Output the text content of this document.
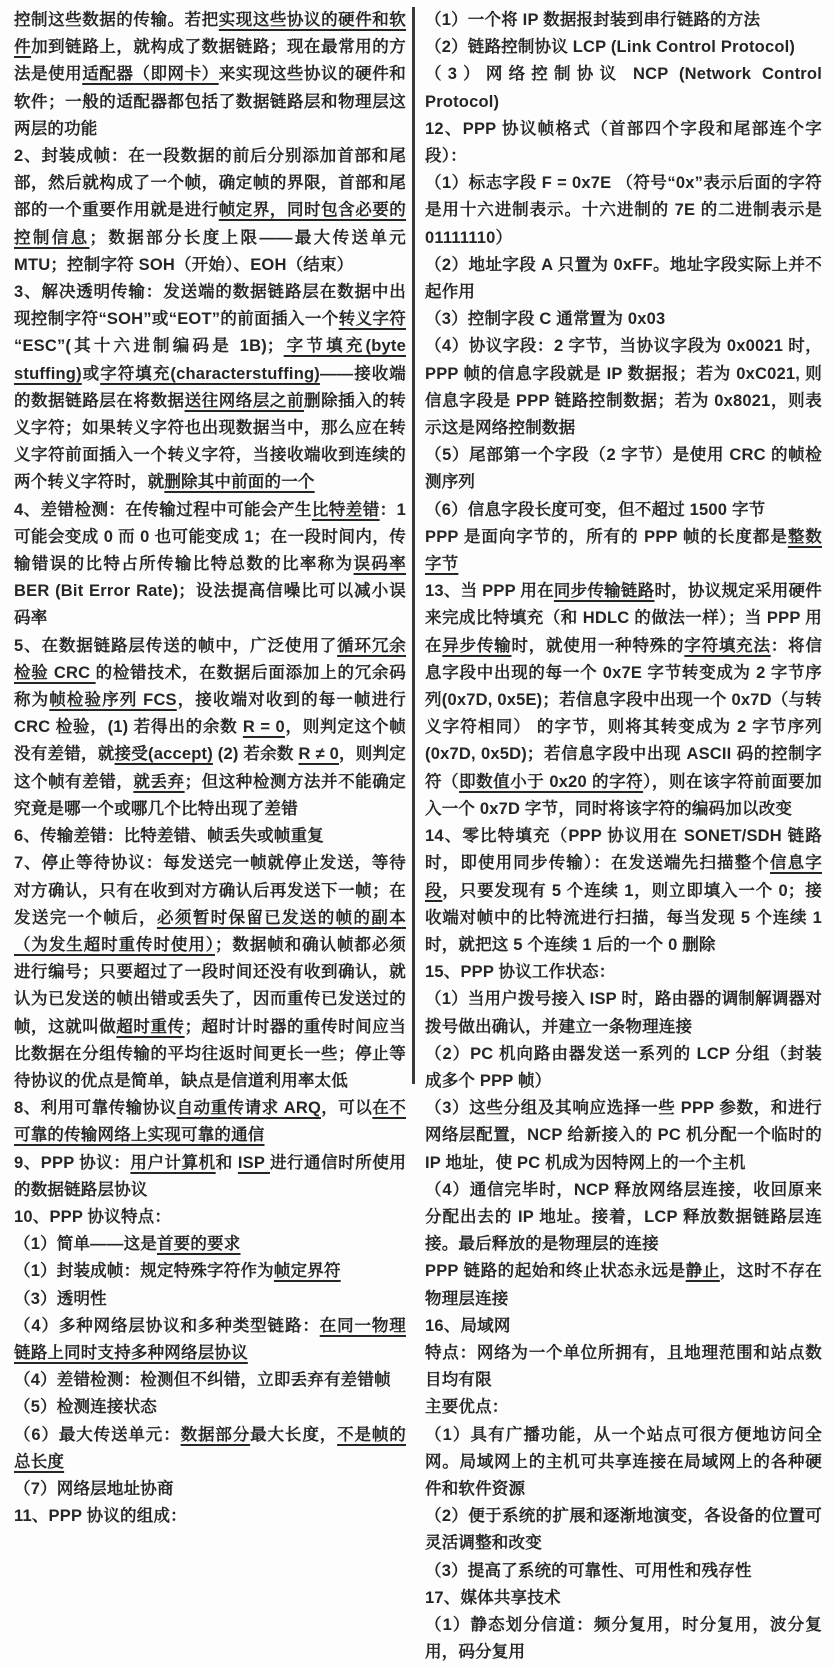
控制这些数据的传输。若把实现这些协议的硬件和软件加到链路上，就构成了数据链路；现在最常用的方法是使用适配器（即网卡）来实现这些协议的硬件和软件；一般的适配器都包括了数据链路层和物理层这两层的功能

2、封装成帧：在一段数据的前后分别添加首部和尾部，然后就构成了一个帧，确定帧的界限，首部和尾部的一个重要作用就是进行帧定界，同时包含必要的控制信息；数据部分长度上限——最大传送单元 MTU；控制字符 SOH（开始）、EOH（结束）

3、解决透明传输：发送端的数据链路层在数据中出现控制字符“SOH”或“EOT”的前面插入一个转义字符“ESC”(其十六进制编码是 1B)；字节填充(byte stuffing)或字符填充(characterstuffing)——接收端的数据链路层在将数据送往网络层之前删除插入的转义字符；如果转义字符也出现数据当中，那么应在转义字符前面插入一个转义字符，当接收端收到连续的两个转义字符时，就删除其中前面的一个

4、差错检测：在传输过程中可能会产生比特差错：1 可能会变成 0 而 0 也可能变成 1；在一段时间内，传输错误的比特占所传输比特总数的比率称为误码率 BER (Bit Error Rate)；设法提高信噪比可以减小误码率

5、在数据链路层传送的帧中，广泛使用了循环冗余检验 CRC 的检错技术，在数据后面添加上的冗余码称为帧检验序列 FCS，接收端对收到的每一帧进行 CRC 检验，(1) 若得出的余数 R = 0，则判定这个帧没有差错，就接受(accept) (2) 若余数 R ≠ 0，则判定这个帧有差错，就丢弃；但这种检测方法并不能确定究竟是哪一个或哪几个比特出现了差错

6、传输差错：比特差错、帧丢失或帧重复

7、停止等待协议：每发送完一帧就停止发送，等待对方确认，只有在收到对方确认后再发送下一帧；在发送完一个帧后，必须暂时保留已发送的帧的副本（为发生超时重传时使用）；数据帧和确认帧都必须进行编号；只要超过了一段时间还没有收到确认，就认为已发送的帧出错或丢失了，因而重传已发送过的帧，这就叫做超时重传；超时计时器的重传时间应当比数据在分组传输的平均往返时间更长一些；停止等待协议的优点是简单，缺点是信道利用率太低

8、利用可靠传输协议自动重传请求 ARQ，可以在不可靠的传输网络上实现可靠的通信

9、PPP 协议：用户计算机和 ISP 进行通信时所使用的数据链路层协议

10、PPP 协议特点：

（1）简单——这是首要的要求

（1）封装成帧：规定特殊字符作为帧定界符

（3）透明性

（4）多种网络层协议和多种类型链路：在同一物理链路上同时支持多种网络层协议

（4）差错检测：检测但不纠错，立即丢弃有差错帧

（5）检测连接状态

（6）最大传送单元：数据部分最大长度，不是帧的总长度

（7）网络层地址协商

11、PPP 协议的组成：

（1）一个将 IP 数据报封装到串行链路的方法

（2）链路控制协议 LCP (Link Control Protocol)

（3）网络控制协议 NCP (Network Control Protocol)

12、PPP 协议帧格式（首部四个字段和尾部连个字段）：

（1）标志字段 F = 0x7E （符号“0x”表示后面的字符是用十六进制表示。十六进制的 7E 的二进制表示是 01111110）

（2）地址字段 A 只置为 0xFF。地址字段实际上并不起作用

（3）控制字段 C 通常置为 0x03

（4）协议字段：2 字节，当协议字段为 0x0021 时，PPP 帧的信息字段就是 IP 数据报；若为 0xC021, 则信息字段是 PPP 链路控制数据；若为 0x8021，则表示这是网络控制数据

（5）尾部第一个字段（2 字节）是使用 CRC 的帧检测序列

（6）信息字段长度可变，但不超过 1500 字节

PPP 是面向字节的，所有的 PPP 帧的长度都是整数字节

13、当 PPP 用在同步传输链路时，协议规定采用硬件来完成比特填充（和 HDLC 的做法一样）；当 PPP 用在异步传输时，就使用一种特殊的字符填充法：将信息字段中出现的每一个 0x7E 字节转变成为 2 字节序列(0x7D, 0x5E)；若信息字段中出现一个 0x7D（与转义字符相同） 的字节，则将其转变成为 2 字节序列(0x7D, 0x5D)；若信息字段中出现 ASCII 码的控制字符（即数值小于 0x20 的字符），则在该字符前面要加入一个 0x7D 字节，同时将该字符的编码加以改变

14、零比特填充（PPP 协议用在 SONET/SDH 链路时，即使用同步传输）：在发送端先扫描整个信息字段，只要发现有 5 个连续 1，则立即填入一个 0；接收端对帧中的比特流进行扫描，每当发现 5 个连续 1 时，就把这 5 个连续 1 后的一个 0 删除

15、PPP 协议工作状态：

（1）当用户拨号接入 ISP 时，路由器的调制解调器对拨号做出确认，并建立一条物理连接

（2）PC 机向路由器发送一系列的 LCP 分组（封装成多个 PPP 帧）

（3）这些分组及其响应选择一些 PPP 参数，和进行网络层配置，NCP 给新接入的 PC 机分配一个临时的 IP 地址，使 PC 机成为因特网上的一个主机

（4）通信完毕时，NCP 释放网络层连接，收回原来分配出去的 IP 地址。接着，LCP 释放数据链路层连接。最后释放的是物理层的连接

PPP 链路的起始和终止状态永远是静止，这时不存在物理层连接

16、局域网

特点：网络为一个单位所拥有，且地理范围和站点数目均有限

主要优点：

（1）具有广播功能，从一个站点可很方便地访问全网。局域网上的主机可共享连接在局域网上的各种硬件和软件资源

（2）便于系统的扩展和逐渐地演变，各设备的位置可灵活调整和改变

（3）提高了系统的可靠性、可用性和残存性

17、媒体共享技术

（1）静态划分信道：频分复用，时分复用，波分复用，码分复用
